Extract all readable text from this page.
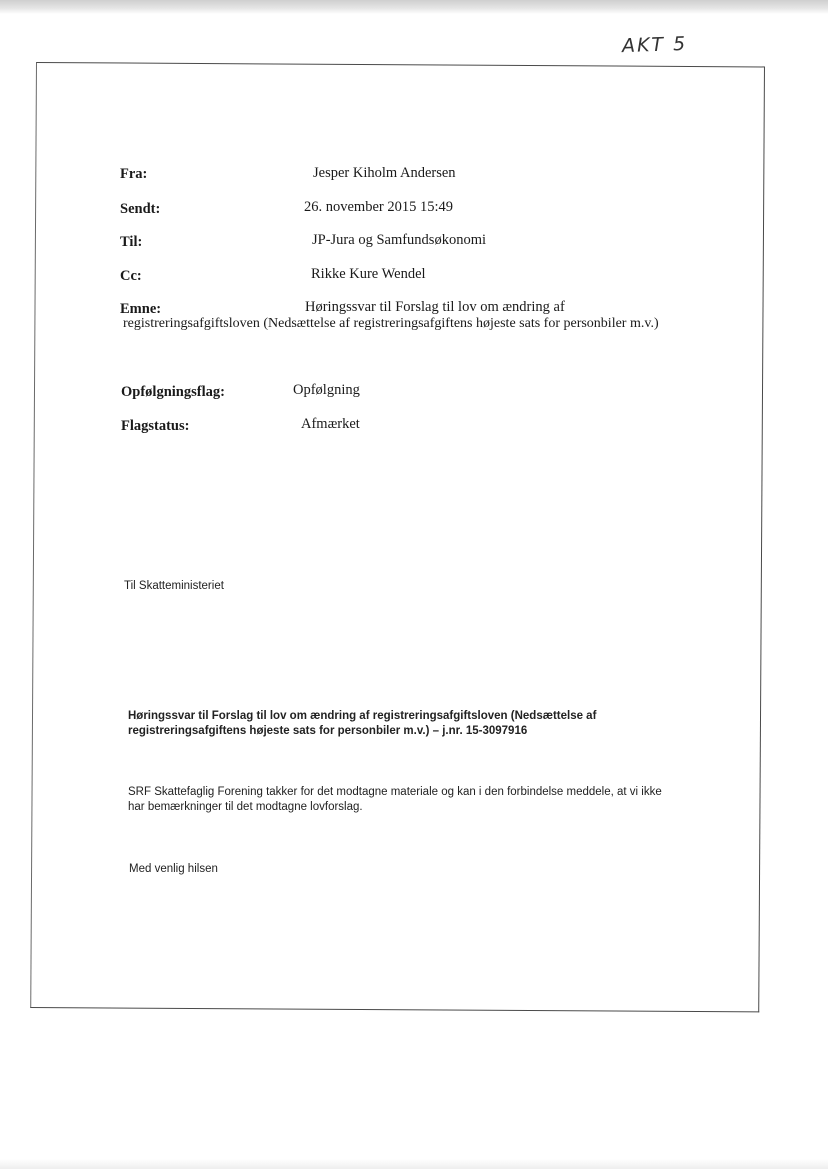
AKT 5
Fra:	Jesper Kiholm Andersen
Sendt:	26. november 2015 15:49
Til:	JP-Jura og Samfundsøkonomi
Cc:	Rikke Kure Wendel
Emne:	Høringssvar til Forslag til lov om ændring af
registreringsafgiftsloven (Nedsættelse af registreringsafgiftens højeste sats for personbiler m.v.)
Opfølgningsflag:	Opfølgning
Flagstatus:	Afmærket
Til Skatteministeriet
Høringssvar til Forslag til lov om ændring af registreringsafgiftsloven (Nedsættelse af
registreringsafgiftens højeste sats for personbiler m.v.) – j.nr. 15-3097916
SRF Skattefaglig Forening takker for det modtagne materiale og kan i den forbindelse meddele, at vi ikke
har bemærkninger til det modtagne lovforslag.
Med venlig hilsen
